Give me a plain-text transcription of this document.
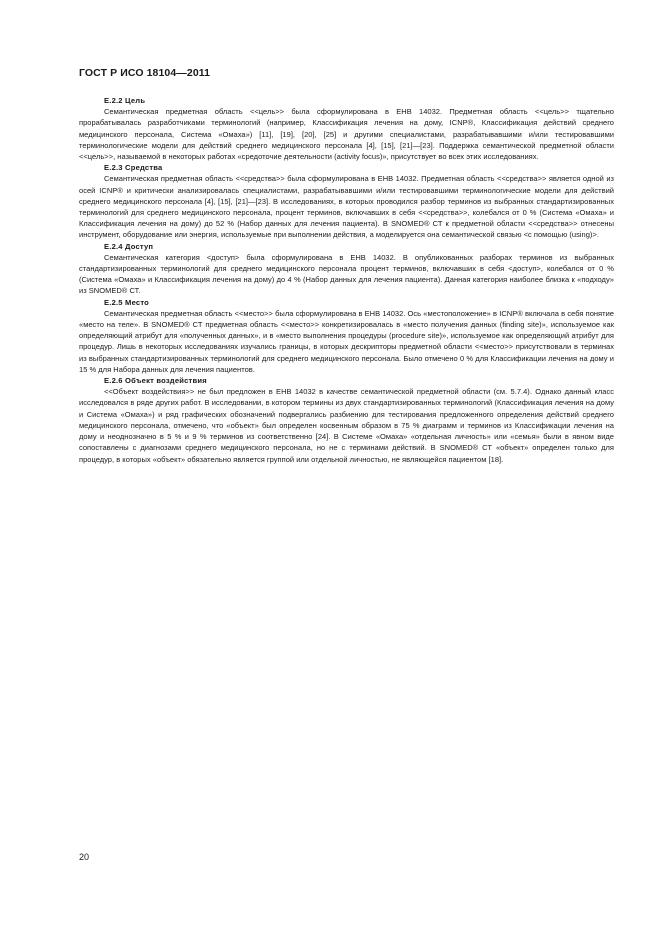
ГОСТ Р ИСО 18104—2011

Е.2.2 Цель

Семантическая предметная область <<цель>> была сформулирована в ЕНВ 14032. Предметная область <<цель>> тщательно прорабатывалась разработчиками терминологий (например, Классификация лечения на дому, ICNP®, Классификация действий среднего медицинского персонала, Система «Омаха») [11], [19], [20], [25] и другими специалистами, разрабатывавшими и/или тестировавшими терминологические модели для действий среднего медицинского персонала [4], [15], [21]—[23]. Поддержка семантической предметной области <<цель>>, называемой в некоторых работах «средоточие деятельности (activity focus)», присутствует во всех этих исследованиях.

Е.2.3 Средства

Семантическая предметная область <<средства>> была сформулирована в ЕНВ 14032. Предметная область <<средства>> является одной из осей ICNP® и критически анализировалась специалистами, разрабатывавшими и/или тестировавшими терминологические модели для действий среднего медицинского персонала [4], [15], [21]—[23]. В исследованиях, в которых проводился разбор терминов из выбранных стандартизированных терминологий для среднего медицинского персонала, процент терминов, включавших в себя <<средства>>, колебался от 0 % (Система «Омаха» и Классификация лечения на дому) до 52 % (Набор данных для лечения пациента). В SNOMED® СТ к предметной области <<средства>> отнесены инструмент, оборудование или энергия, используемые при выполнении действия, а моделируется она семантической связью <с помощью (using)>.

Е.2.4 Доступ

Семантическая категория <доступ> была сформулирована в ЕНВ 14032. В опубликованных разборах терминов из выбранных стандартизированных терминологий для среднего медицинского персонала процент терминов, включавших в себя <доступ>, колебался от 0 % (Система «Омаха» и Классификация лечения на дому) до 4 % (Набор данных для лечения пациента). Данная категория наиболее близка к «подходу» из SNOMED® СТ.

Е.2.5 Место

Семантическая предметная область <<место>> была сформулирована в ЕНВ 14032. Ось «местоположение» в ICNP® включала в себя понятие «место на теле». В SNOMED® СТ предметная область <<место>> конкретизировалась в «место получения данных (finding site)», используемое как определяющий атрибут для «полученных данных», и в «место выполнения процедуры (procedure site)», используемое как определяющий атрибут для процедур. Лишь в некоторых исследованиях изучались границы, в которых дескрипторы предметной области <<место>> присутствовали в терминах из выбранных стандартизированных терминологий для среднего медицинского персонала. Было отмечено 0 % для Классификации лечения на дому и 15 % для Набора данных для лечения пациентов.

Е.2.6 Объект воздействия

<<Объект воздействия>> не был предложен в ЕНВ 14032 в качестве семантической предметной области (см. 5.7.4). Однако данный класс исследовался в ряде других работ. В исследовании, в котором термины из двух стандартизированных терминологий (Классификация лечения на дому и Система «Омаха») и ряд графических обозначений подвергались разбиению для тестирования предложенного определения действий среднего медицинского персонала, отмечено, что «объект» был определен косвенным образом в 75 % диаграмм и терминов из Классификации лечения на дому и неоднозначно в 5 % и 9 % терминов из соответственно [24]. В Системе «Омаха» «отдельная личность» или «семья» были в явном виде сопоставлены с диагнозами среднего медицинского персонала, но не с терминами действий. В SNOMED® СТ «объект» определен только для процедур, в которых «объект» обязательно является группой или отдельной личностью, не являющейся пациентом [18].

20
